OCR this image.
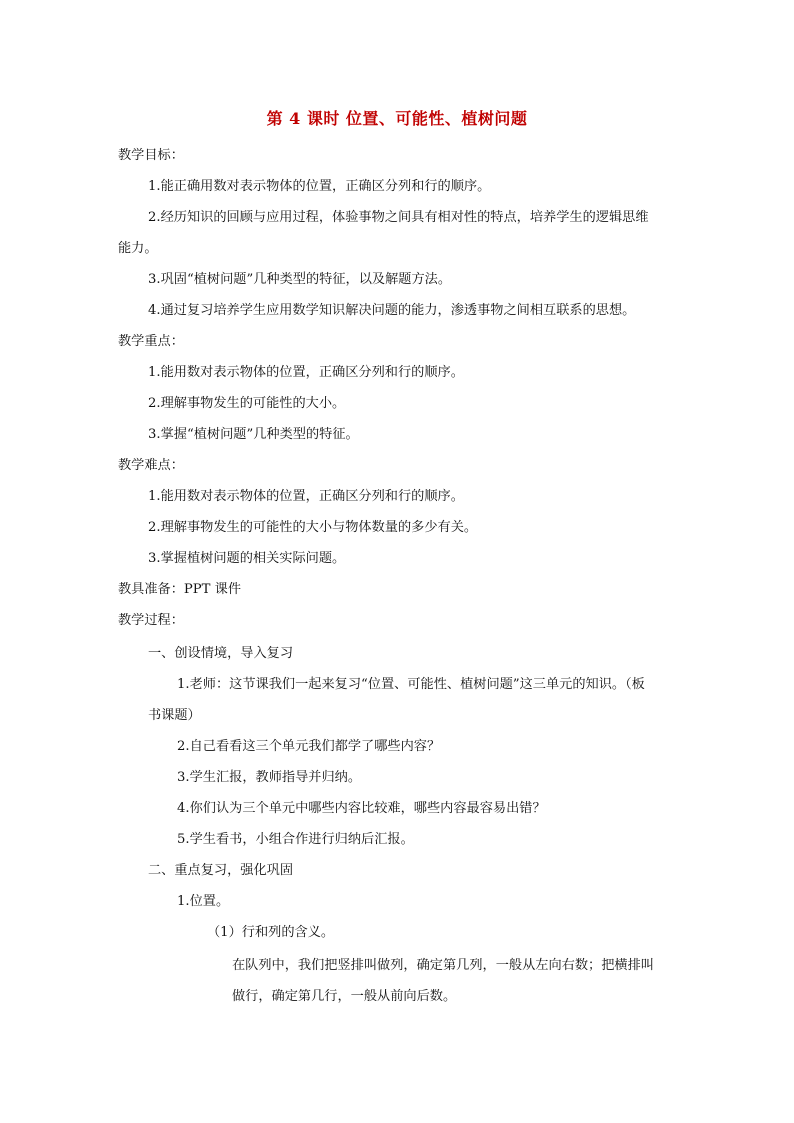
第 4 课时 位置、可能性、植树问题
教学目标：
1.能正确用数对表示物体的位置，正确区分列和行的顺序。
2.经历知识的回顾与应用过程，体验事物之间具有相对性的特点，培养学生的逻辑思维
能力。
3.巩固“植树问题”几种类型的特征，以及解题方法。
4.通过复习培养学生应用数学知识解决问题的能力，渗透事物之间相互联系的思想。
教学重点：
1.能用数对表示物体的位置，正确区分列和行的顺序。
2.理解事物发生的可能性的大小。
3.掌握“植树问题”几种类型的特征。
教学难点：
1.能用数对表示物体的位置，正确区分列和行的顺序。
2.理解事物发生的可能性的大小与物体数量的多少有关。
3.掌握植树问题的相关实际问题。
教具准备：PPT 课件
教学过程：
一、创设情境，导入复习
1.老师：这节课我们一起来复习“位置、可能性、植树问题”这三单元的知识。（板
书课题）
2.自己看看这三个单元我们都学了哪些内容？
3.学生汇报，教师指导并归纳。
4.你们认为三个单元中哪些内容比较难，哪些内容最容易出错？
5.学生看书，小组合作进行归纳后汇报。
二、重点复习，强化巩固
1.位置。
（1）行和列的含义。
在队列中，我们把竖排叫做列，确定第几列，一般从左向右数；把横排叫
做行，确定第几行，一般从前向后数。
